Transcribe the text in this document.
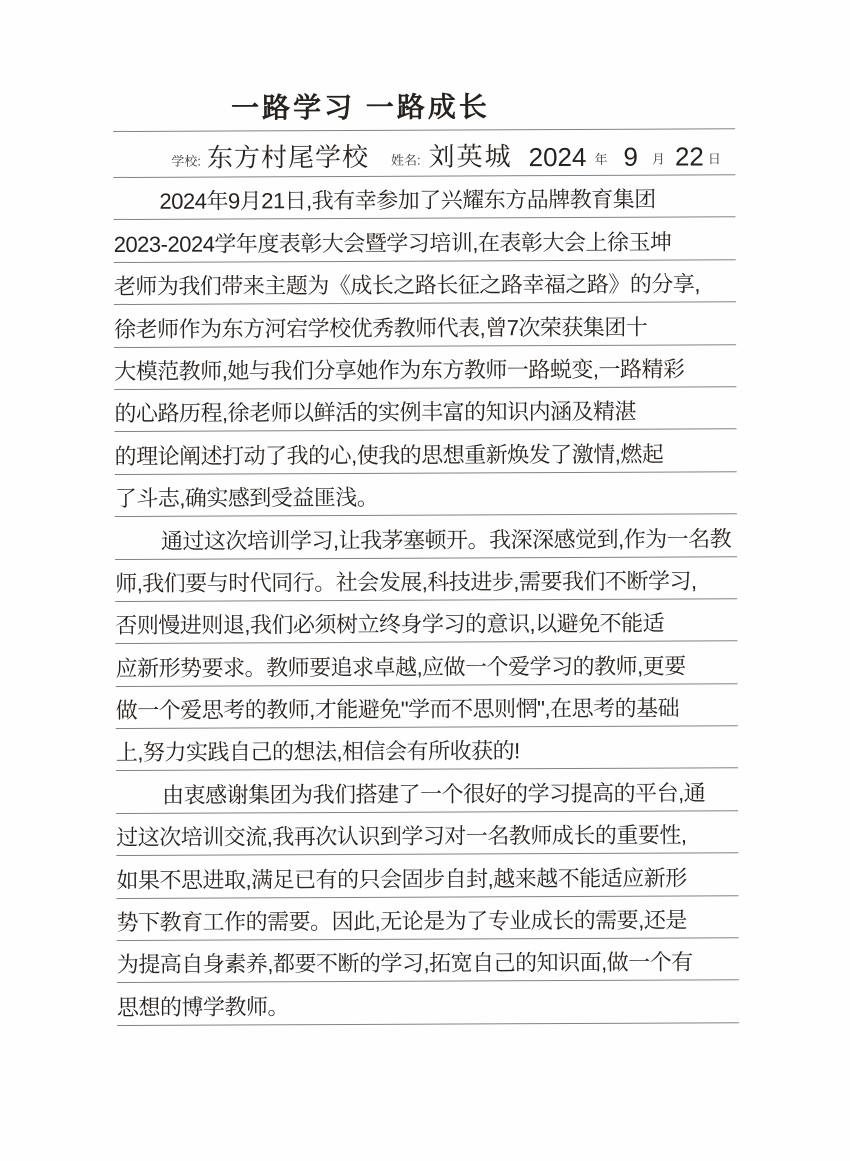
一路学习 一路成长
学校: 东方村尾学校 姓名: 刘英城 2024 年 9 月 22 日
2024年9月21日,我有幸参加了兴耀东方品牌教育集团
2023-2024学年度表彰大会暨学习培训,在表彰大会上徐玉坤
老师为我们带来主题为《成长之路长征之路幸福之路》的分享,
徐老师作为东方河宕学校优秀教师代表,曾7次荣获集团十
大模范教师,她与我们分享她作为东方教师一路蜕变,一路精彩
的心路历程,徐老师以鲜活的实例丰富的知识内涵及精湛
的理论阐述打动了我的心,使我的思想重新焕发了激情,燃起
了斗志,确实感到受益匪浅。
通过这次培训学习,让我茅塞顿开。我深深感觉到,作为一名教
师,我们要与时代同行。社会发展,科技进步,需要我们不断学习,
否则慢进则退,我们必须树立终身学习的意识,以避免不能适
应新形势要求。教师要追求卓越,应做一个爱学习的教师,更要
做一个爱思考的教师,才能避免"学而不思则惘",在思考的基础
上,努力实践自己的想法,相信会有所收获的!
由衷感谢集团为我们搭建了一个很好的学习提高的平台,通
过这次培训交流,我再次认识到学习对一名教师成长的重要性,
如果不思进取,满足已有的只会固步自封,越来越不能适应新形
势下教育工作的需要。因此,无论是为了专业成长的需要,还是
为提高自身素养,都要不断的学习,拓宽自己的知识面,做一个有
思想的博学教师。
